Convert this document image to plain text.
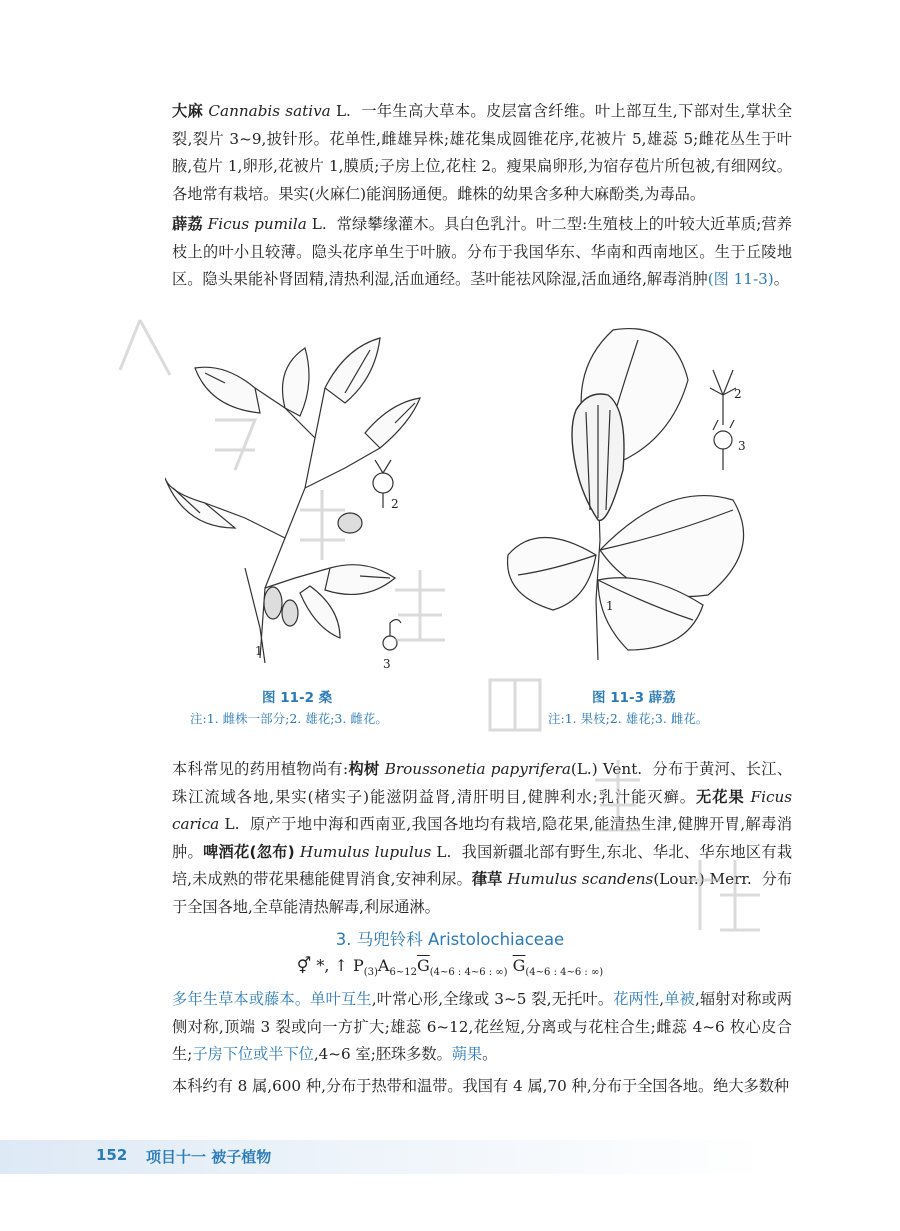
大麻 Cannabis sativa L. 一年生高大草本。皮层富含纤维。叶上部互生,下部对生,掌状全裂,裂片 3~9,披针形。花单性,雌雄异株;雄花集成圆锥花序,花被片 5,雄蕊 5;雌花丛生于叶腋,苞片 1,卵形,花被片 1,膜质;子房上位,花柱 2。瘦果扁卵形,为宿存苞片所包被,有细网纹。各地常有栽培。果实(火麻仁)能润肠通便。雌株的幼果含多种大麻酚类,为毒品。

薜荔 Ficus pumila L. 常绿攀缘灌木。具白色乳汁。叶二型:生殖枝上的叶较大近革质;营养枝上的叶小且较薄。隐头花序单生于叶腋。分布于我国华东、华南和西南地区。生于丘陵地区。隐头果能补肾固精,清热利湿,活血通经。茎叶能祛风除湿,活血通络,解毒消肿(图 11-3)。

1
2
3
图 11-2 桑
注:1. 雌株一部分;2. 雄花;3. 雌花。
1
2
3
图 11-3 薜荔
注:1. 果枝;2. 雄花;3. 雌花。

本科常见的药用植物尚有:构树 Broussonetia papyrifera(L.) Vent. 分布于黄河、长江、珠江流域各地,果实(楮实子)能滋阴益肾,清肝明目,健脾利水;乳汁能灭癣。无花果 Ficus carica L. 原产于地中海和西南亚,我国各地均有栽培,隐花果,能清热生津,健脾开胃,解毒消肿。啤酒花(忽布) Humulus lupulus L. 我国新疆北部有野生,东北、华北、华东地区有栽培,未成熟的带花果穗能健胃消食,安神利尿。葎草 Humulus scandens(Lour.) Merr. 分布于全国各地,全草能清热解毒,利尿通淋。

3. 马兜铃科 Aristolochiaceae
⚥ *, ↑ $P_{(3)}A_{6\sim 12}\overline{G}_{(4\sim 6 : 4\sim 6 : \infty)}$ $\overline{G}_{(4\sim 6 : 4\sim 6 : \infty)}$

多年生草本或藤本。单叶互生,叶常心形,全缘或 3~5 裂,无托叶。花两性,单被,辐射对称或两侧对称,顶端 3 裂或向一方扩大;雄蕊 6~12,花丝短,分离或与花柱合生;雌蕊 4~6 枚心皮合生;子房下位或半下位,4~6 室;胚珠多数。蒴果。

本科约有 8 属,600 种,分布于热带和温带。我国有 4 属,70 种,分布于全国各地。绝大多数种

152 项目十一 被子植物
